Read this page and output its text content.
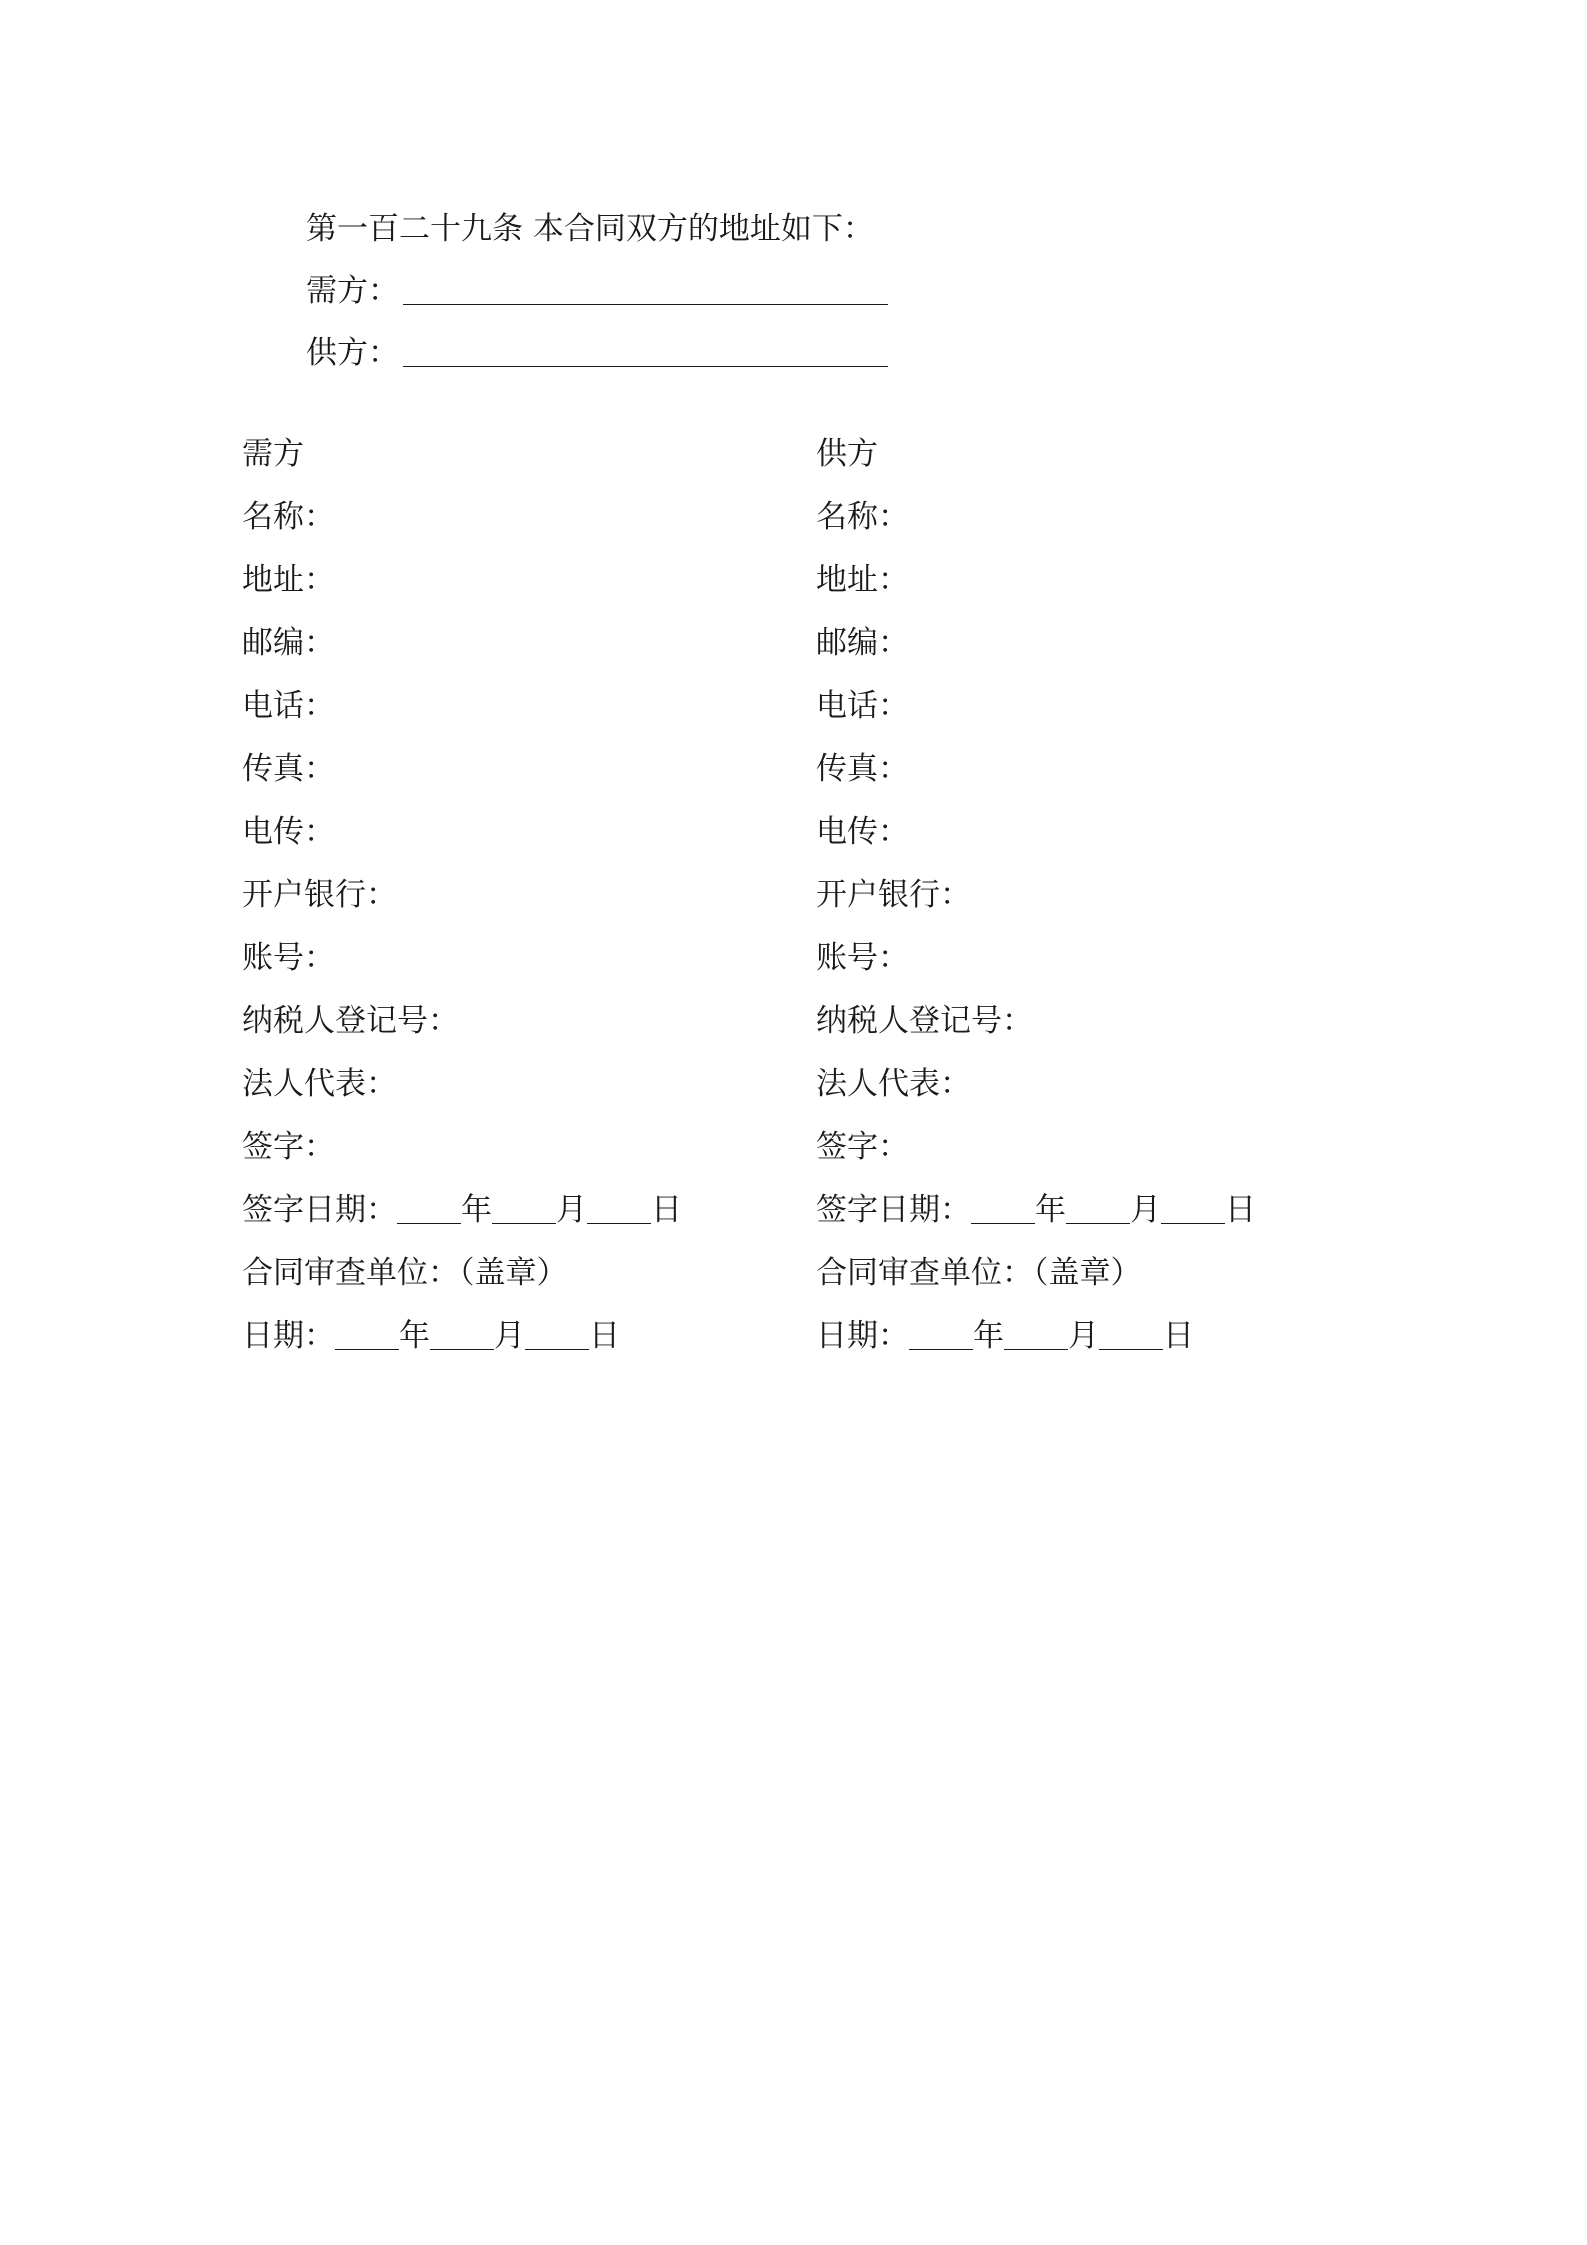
第一百二十九条 本合同双方的地址如下：
需方：
供方：
需方
名称：
地址：
邮编：
电话：
传真：
电传：
开户银行：
账号：
纳税人登记号：
法人代表：
签字：
签字日期： 年 月 日
合同审查单位：（盖章）
日期： 年 月 日
供方
名称：
地址：
邮编：
电话：
传真：
电传：
开户银行：
账号：
纳税人登记号：
法人代表：
签字：
签字日期： 年 月 日
合同审查单位：（盖章）
日期： 年 月 日
